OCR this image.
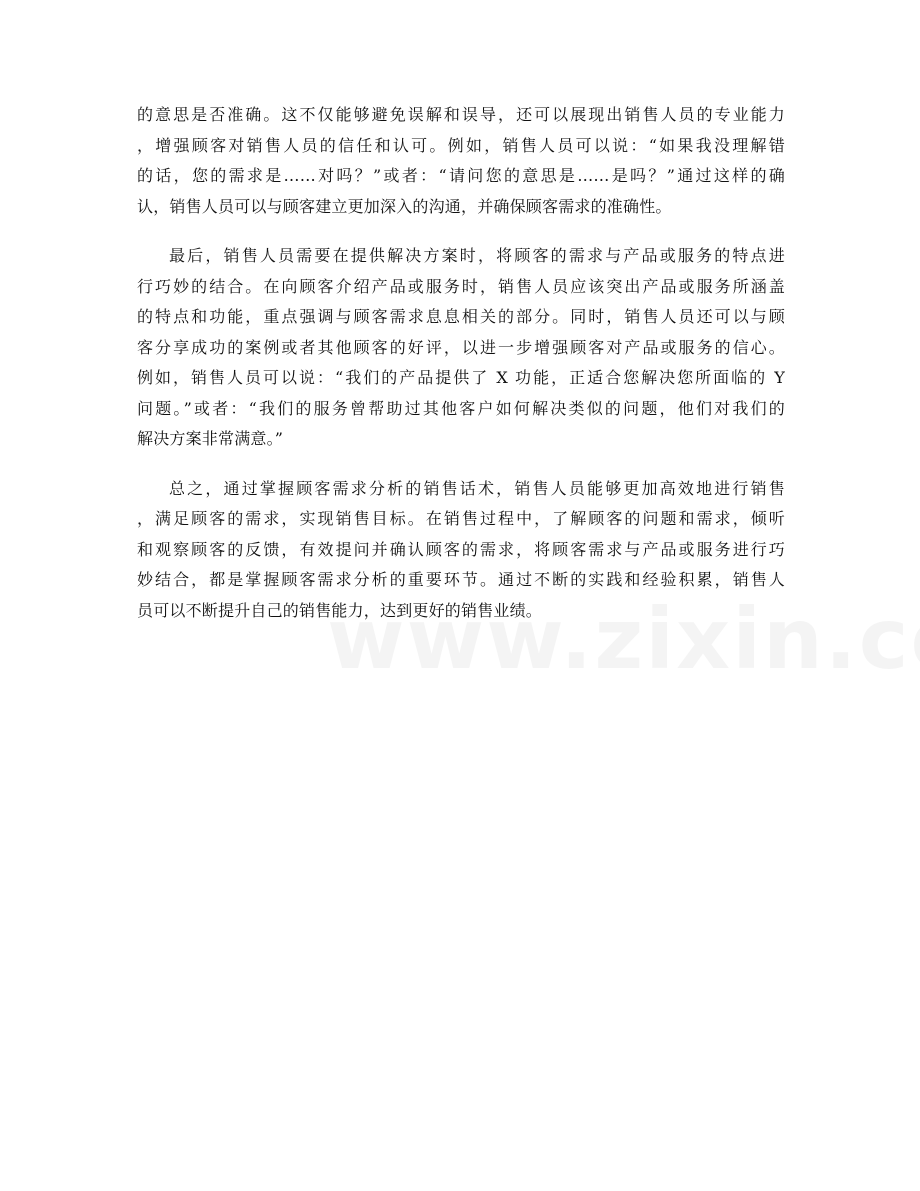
的意思是否准确。这不仅能够避免误解和误导，还可以展现出销售人员的专业能力
，增强顾客对销售人员的信任和认可。例如，销售人员可以说：“如果我没理解错
的话，您的需求是……对吗？”或者：“请问您的意思是……是吗？”通过这样的确
认，销售人员可以与顾客建立更加深入的沟通，并确保顾客需求的准确性。
最后，销售人员需要在提供解决方案时，将顾客的需求与产品或服务的特点进
行巧妙的结合。在向顾客介绍产品或服务时，销售人员应该突出产品或服务所涵盖
的特点和功能，重点强调与顾客需求息息相关的部分。同时，销售人员还可以与顾
客分享成功的案例或者其他顾客的好评，以进一步增强顾客对产品或服务的信心。
例如，销售人员可以说：“我们的产品提供了 X 功能，正适合您解决您所面临的 Y
问题。”或者：“我们的服务曾帮助过其他客户如何解决类似的问题，他们对我们的
解决方案非常满意。”
总之，通过掌握顾客需求分析的销售话术，销售人员能够更加高效地进行销售
，满足顾客的需求，实现销售目标。在销售过程中，了解顾客的问题和需求，倾听
和观察顾客的反馈，有效提问并确认顾客的需求，将顾客需求与产品或服务进行巧
妙结合，都是掌握顾客需求分析的重要环节。通过不断的实践和经验积累，销售人
员可以不断提升自己的销售能力，达到更好的销售业绩。
